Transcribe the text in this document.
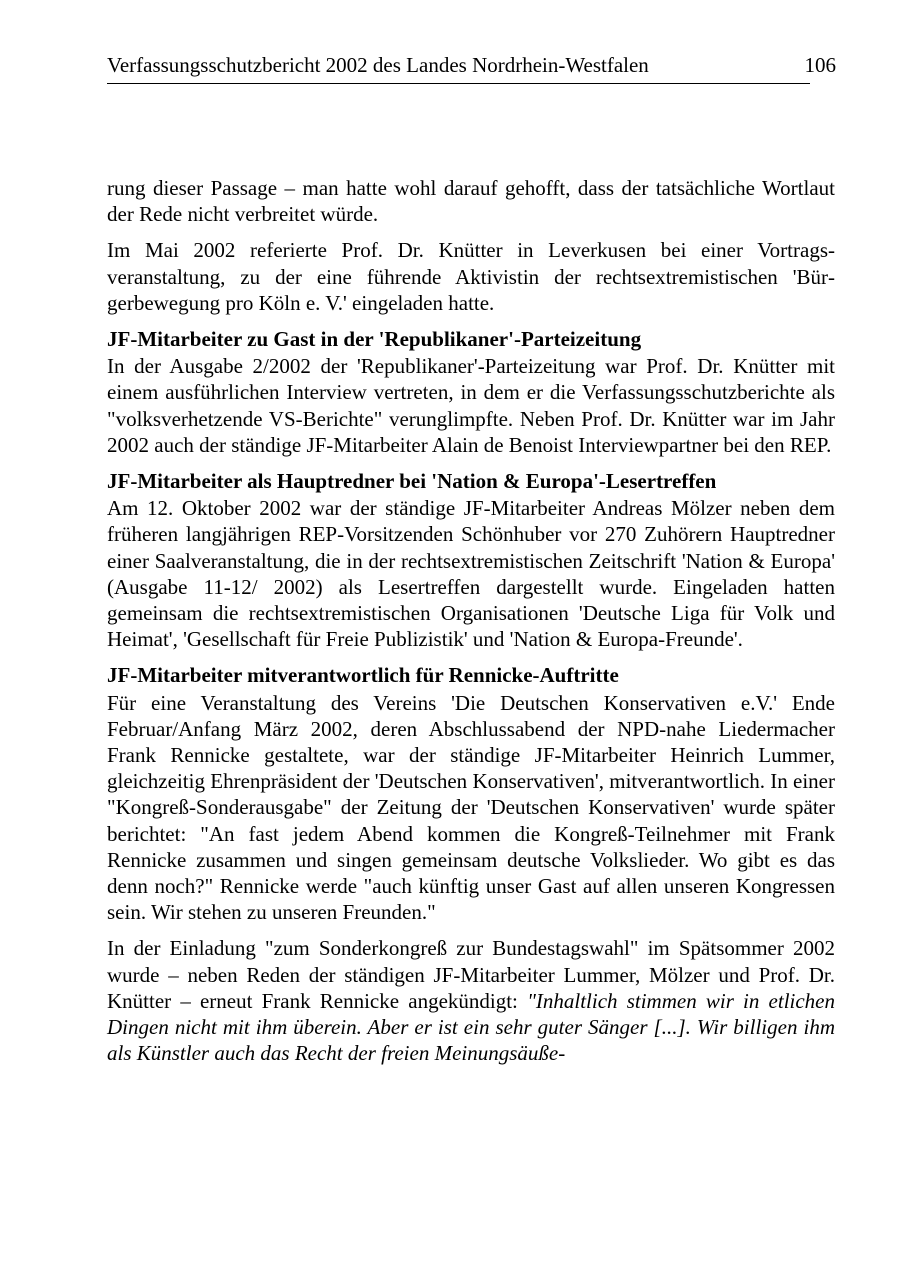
Verfassungsschutzbericht 2002 des Landes Nordrhein-Westfalen	106

rung dieser Passage – man hatte wohl darauf gehofft, dass der tatsächliche Wortlaut der Rede nicht verbreitet würde.

Im Mai 2002 referierte Prof. Dr. Knütter in Leverkusen bei einer Vortragsveranstaltung, zu der eine führende Aktivistin der rechtsextremistischen 'Bürgerbewegung pro Köln e. V.' eingeladen hatte.

JF-Mitarbeiter zu Gast in der 'Republikaner'-Parteizeitung

In der Ausgabe 2/2002 der 'Republikaner'-Parteizeitung war Prof. Dr. Knütter mit einem ausführlichen Interview vertreten, in dem er die Verfassungsschutzberichte als "volksverhetzende VS-Berichte" verunglimpfte. Neben Prof. Dr. Knütter war im Jahr 2002 auch der ständige JF-Mitarbeiter Alain de Benoist Interviewpartner bei den REP.

JF-Mitarbeiter als Hauptredner bei 'Nation & Europa'-Lesertreffen

Am 12. Oktober 2002 war der ständige JF-Mitarbeiter Andreas Mölzer neben dem früheren langjährigen REP-Vorsitzenden Schönhuber vor 270 Zuhörern Hauptredner einer Saalveranstaltung, die in der rechtsextremistischen Zeitschrift 'Nation & Europa' (Ausgabe 11-12/ 2002) als Lesertreffen dargestellt wurde. Eingeladen hatten gemeinsam die rechtsextremistischen Organisationen 'Deutsche Liga für Volk und Heimat', 'Gesellschaft für Freie Publizistik' und 'Nation & Europa-Freunde'.

JF-Mitarbeiter mitverantwortlich für Rennicke-Auftritte

Für eine Veranstaltung des Vereins 'Die Deutschen Konservativen e.V.' Ende Februar/Anfang März 2002, deren Abschlussabend der NPD-nahe Liedermacher Frank Rennicke gestaltete, war der ständige JF-Mitarbeiter Heinrich Lummer, gleichzeitig Ehrenpräsident der 'Deutschen Konservativen', mitverantwortlich. In einer "Kongreß-Sonderausgabe" der Zeitung der 'Deutschen Konservativen' wurde später berichtet: "An fast jedem Abend kommen die Kongreß-Teilnehmer mit Frank Rennicke zusammen und singen gemeinsam deutsche Volkslieder. Wo gibt es das denn noch?" Rennicke werde "auch künftig unser Gast auf allen unseren Kongressen sein. Wir stehen zu unseren Freunden."

In der Einladung "zum Sonderkongreß zur Bundestagswahl" im Spätsommer 2002 wurde – neben Reden der ständigen JF-Mitarbeiter Lummer, Mölzer und Prof. Dr. Knütter – erneut Frank Rennicke angekündigt: "Inhaltlich stimmen wir in etlichen Dingen nicht mit ihm überein. Aber er ist ein sehr guter Sänger [...]. Wir billigen ihm als Künstler auch das Recht der freien Meinungsäuße-
